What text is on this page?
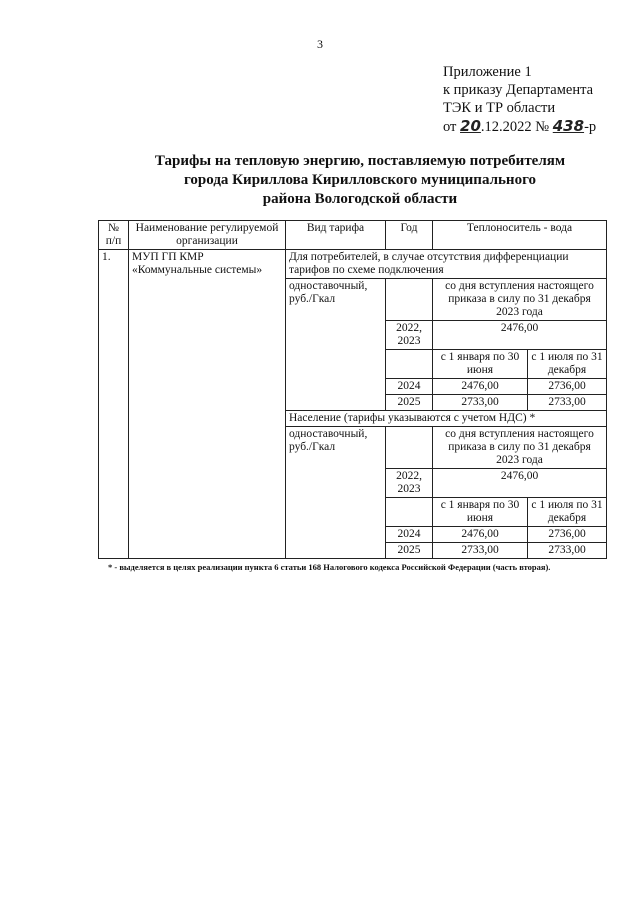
3
Приложение 1
к приказу Департамента
ТЭК и ТР области
от 20.12.2022 № 438-р
Тарифы на тепловую энергию, поставляемую потребителям
города Кириллова Кирилловского муниципального
района Вологодской области
№ п/п	Наименование регулируемой организации	Вид тарифа	Год	Теплоноситель - вода	
1.	МУП ГП КМР «Коммунальные системы»	Для потребителей, в случае отсутствия дифференциации тарифов по схеме подключения			
		одноставочный, руб./Гкал		со дня вступления настоящего приказа в силу по 31 декабря 2023 года	
			2022, 2023	2476,00	
				с 1 января по 30 июня	с 1 июля по 31 декабря
			2024	2476,00	2736,00
			2025	2733,00	2733,00
		Население (тарифы указываются с учетом НДС) *			
		одноставочный, руб./Гкал		со дня вступления настоящего приказа в силу по 31 декабря 2023 года	
			2022, 2023	2476,00	
				с 1 января по 30 июня	с 1 июля по 31 декабря
			2024	2476,00	2736,00
			2025	2733,00	2733,00
* - выделяется в целях реализации пункта 6 статьи 168 Налогового кодекса Российской Федерации (часть вторая).
